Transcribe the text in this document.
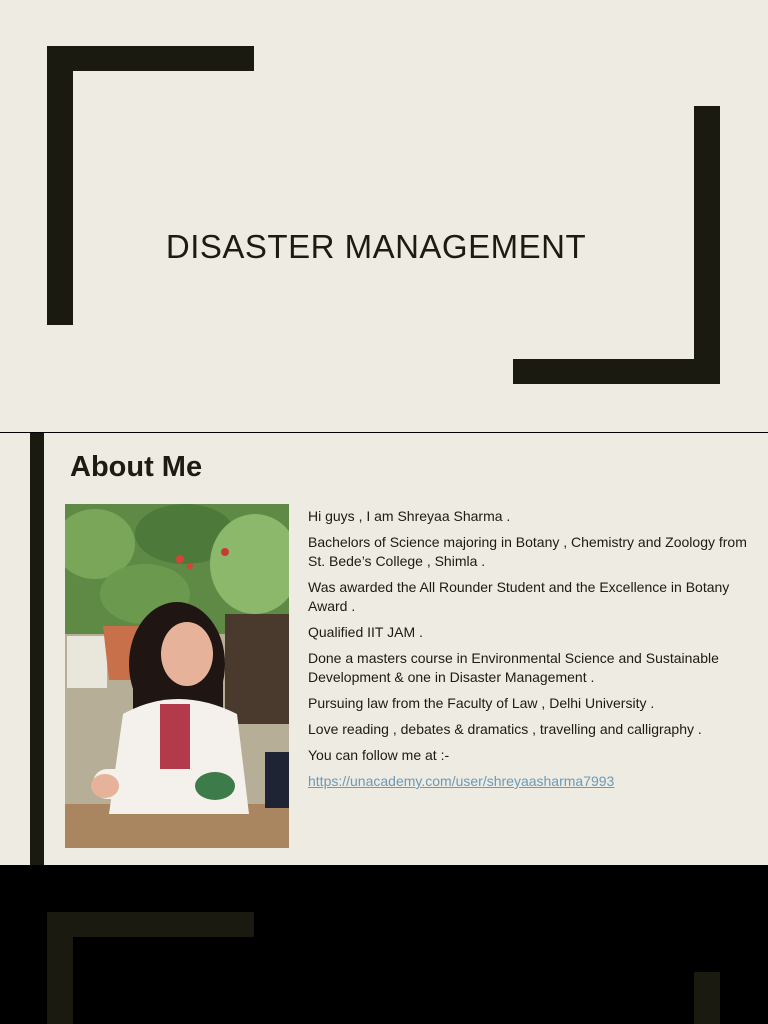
DISASTER MANAGEMENT
About Me
Hi guys , I am Shreyaa Sharma .
Bachelors of Science majoring in Botany , Chemistry and Zoology from St. Bede’s College , Shimla .
Was awarded the All Rounder Student and the Excellence in Botany Award .
Qualified IIT JAM .
Done a masters course in Environmental Science and Sustainable Development & one in Disaster Management .
Pursuing law from the Faculty of Law , Delhi University .
Love reading , debates & dramatics , travelling and calligraphy .
You can follow me at :-
https://unacademy.com/user/shreyaasharma7993
